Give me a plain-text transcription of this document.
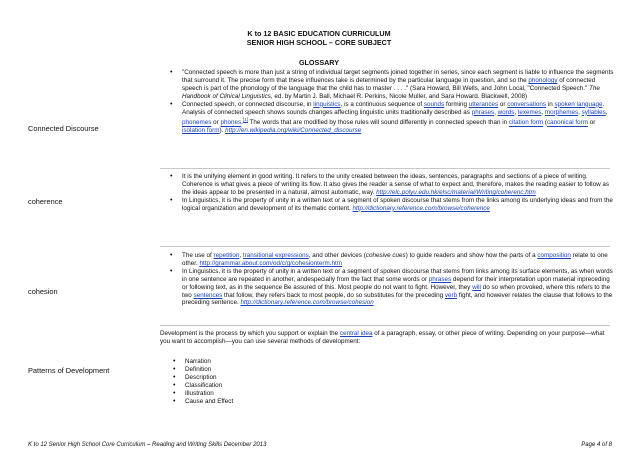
K to 12 BASIC EDUCATION CURRICULUM
SENIOR HIGH SCHOOL – CORE SUBJECT
GLOSSARY
Connected Discourse
• "Connected speech is more than just a string of individual target segments joined together in series, since each segment is liable to influence the segments that surround it. The precise form that these influences take is determined by the particular language in question, and so the phonology of connected speech is part of the phonology of the language that the child has to master . . . ." (Sara Howard, Bill Wells, and John Local, "Connected Speech." The Handbook of Clinical Linguistics, ed. by Martin J. Ball, Michael R. Perkins, Nicole Muller, and Sara Howard. Blackwell, 2008)
• Connected speech, or connected discourse, in linguistics, is a continuous sequence of sounds forming utterances or conversations in spoken language. Analysis of connected speech shows sounds changes affecting linguistic units traditionally described as phrases, words, lexemes, morphemes, syllables, phonemes or phones.[1] The words that are modified by those rules will sound differently in connected speech than in citation form (canonical form or isolation form). http://en.wikipedia.org/wiki/Connected_discourse
coherence
• It is the unifying element in good writing. It refers to the unity created between the ideas, sentences, paragraphs and sections of a piece of writing. Coherence is what gives a piece of writing its flow. It also gives the reader a sense of what to expect and, therefore, makes the reading easier to follow as the ideas appear to be presented in a natural, almost automatic, way. http://elc.polyu.edu.hk/elsc/material/Writing/coherenc.htm
• In Linguistics, it is the property of unity in a written text or a segment of spoken discourse that stems from the links among its underlying ideas and from the logical organization and development of its thematic content. http://dictionary.reference.com/browse/coherence
cohesion
• The use of repetition, transitional expressions, and other devices (cohesive cues) to guide readers and show how the parts of a composition relate to one other. http://grammar.about.com/od/c/g/cohesionterm.htm
• In Linguistics, it is the property of unity in a written text or a segment of spoken discourse that stems from links among its surface elements, as when words in one sentence are repeated in another, andespecially from the fact that some words or phrases depend for their interpretation upon material inpreceding or following text, as in the sequence Be assured of this. Most people do not want to fight. However, they will do so when provoked, where this refers to the two sentences that follow, they refers back to most people, do so substitutes for the preceding verb fight, and however relates the clause that follows to the preceding sentence. http://dictionary.reference.com/browse/cohesion
Patterns of Development
Development is the process by which you support or explain the central idea of a paragraph, essay, or other piece of writing. Depending on your purpose—what you want to accomplish—you can use several methods of development:
• Narration
• Definition
• Description
• Classification
• Illustration
• Cause and Effect
K to 12 Senior High School Core Curriculum – Reading and Writing Skills December 2013	Page 4 of 8
